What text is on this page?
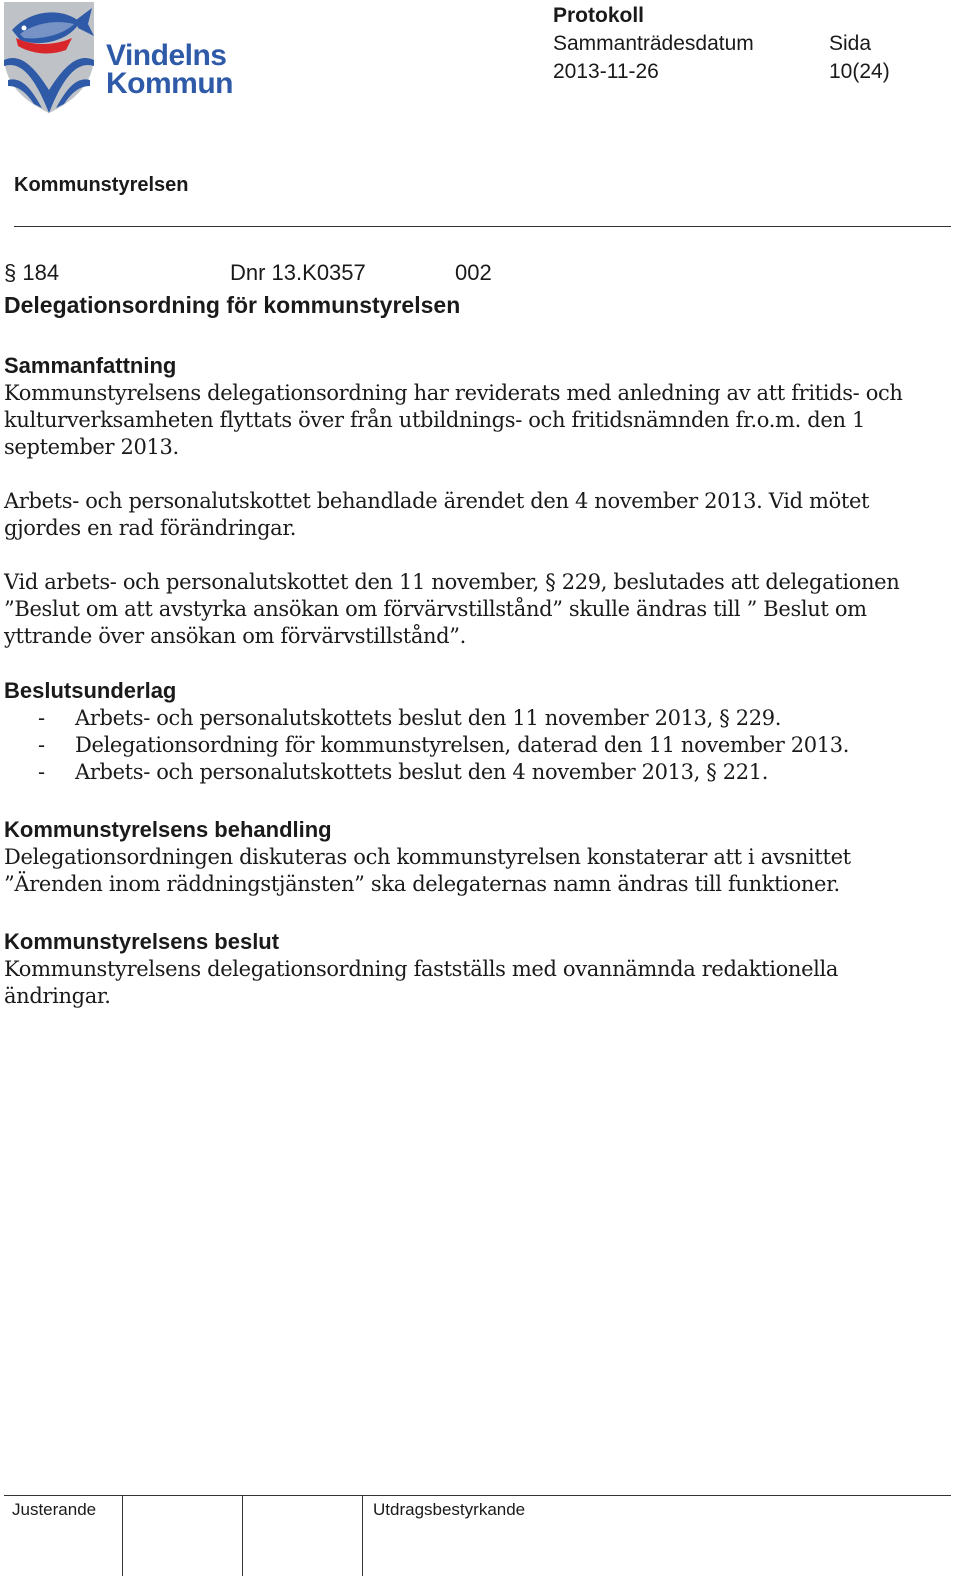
Vindelns
Kommun
Protokoll
Sammanträdesdatum	Sida
2013-11-26	10(24)
Kommunstyrelsen
§ 184	Dnr 13.K0357	002
Delegationsordning för kommunstyrelsen
Sammanfattning

Kommunstyrelsens delegationsordning har reviderats med anledning av att fritids- och kulturverksamheten flyttats över från utbildnings- och fritidsnämnden fr.o.m. den 1 september 2013.

Arbets- och personalutskottet behandlade ärendet den 4 november 2013. Vid mötet gjordes en rad förändringar.

Vid arbets- och personalutskottet den 11 november, § 229, beslutades att delegationen ”Beslut om att avstyrka ansökan om förvärvstillstånd” skulle ändras till ” Beslut om yttrande över ansökan om förvärvstillstånd”.

Beslutsunderlag
- Arbets- och personalutskottets beslut den 11 november 2013, § 229.
- Delegationsordning för kommunstyrelsen, daterad den 11 november 2013.
- Arbets- och personalutskottets beslut den 4 november 2013, § 221.
Kommunstyrelsens behandling

Delegationsordningen diskuteras och kommunstyrelsen konstaterar att i avsnittet ”Ärenden inom räddningstjänsten” ska delegaternas namn ändras till funktioner.

Kommunstyrelsens beslut

Kommunstyrelsens delegationsordning fastställs med ovannämnda redaktionella ändringar.

Justerande	Utdragsbestyrkande
